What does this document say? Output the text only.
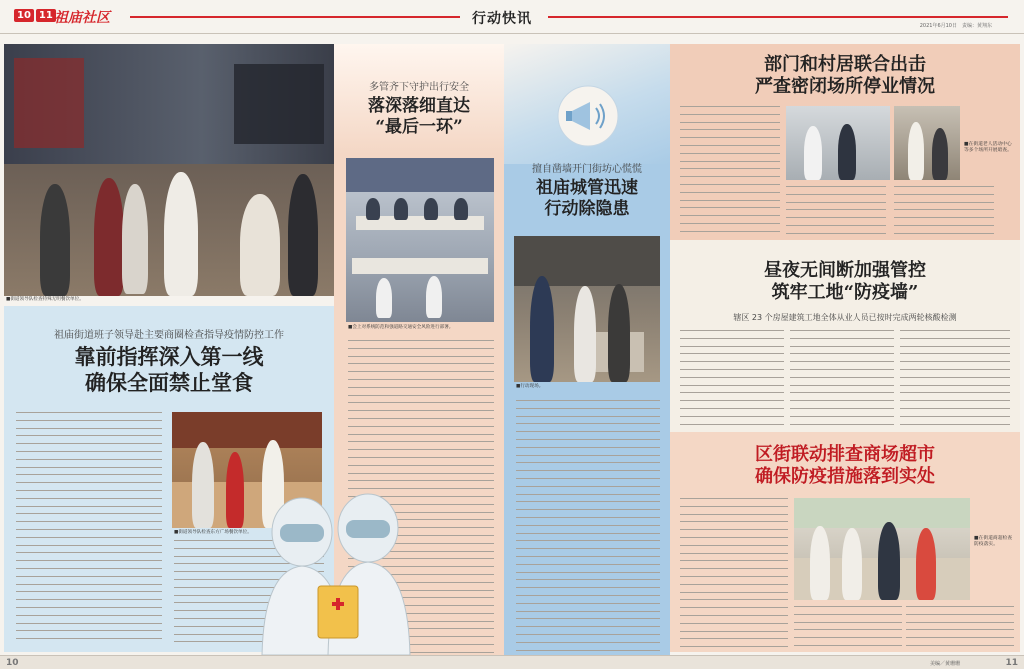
10 11 祖庙社区	行动快讯	2021年6月10日　责编：黄翔东
■街道领导队检查特殊无明餐饮单位。
多管齐下守护出行安全
落深落细直达
“最后一环”
■会上对系统防范和强道路交通安全风险进行部署。
祖庙街道班子领导赴主要商圈检查指导疫情防控工作
靠前指挥深入第一线
确保全面禁止堂食
■街道领导队检查东方广场餐饮单位。
擅自凿墙开门街坊心慌慌
祖庙城管迅速
行动除隐患
■行动现场。
部门和村居联合出击
严查密闭场所停业情况
■在街道老人活动中心等多个场所开展暗查。
昼夜无间断加强管控
筑牢工地“防疫墙”
辖区 23 个房屋建筑工地全体从业人员已按时完成两轮核酸检测
区街联动排查商场超市
确保防疫措施落到实处
■在街道商超检查防疫落实。
10	美编／黄珊珊	11
